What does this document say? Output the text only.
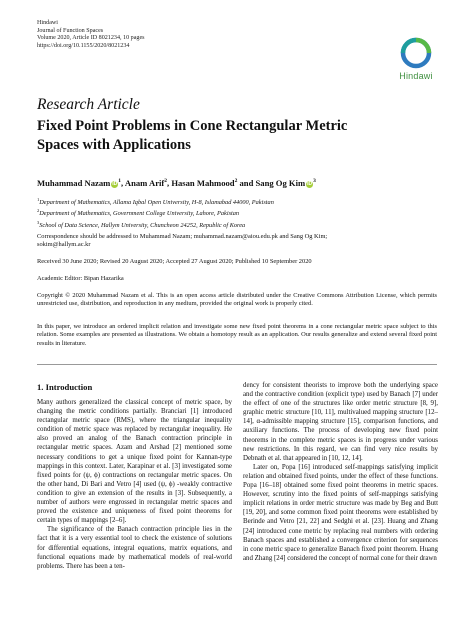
Hindawi
Journal of Function Spaces
Volume 2020, Article ID 8021234, 10 pages
https://doi.org/10.1155/2020/8021234
Hindawi
Research Article
Fixed Point Problems in Cone Rectangular Metric Spaces with Applications
Muhammad Nazam $iD^1$, Anam Arif$^2$, Hasan Mahmood$^2$ and Sang Og Kim $iD^3$
$^1$Department of Mathematics, Allama Iqbal Open University, H-8, Islamabad 44000, Pakistan
$^2$Department of Mathematics, Government College University, Lahore, Pakistan
$^3$School of Data Science, Hallym University, Chuncheon 24252, Republic of Korea
Correspondence should be addressed to Muhammad Nazam; muhammad.nazam@aiou.edu.pk and Sang Og Kim; sokim@hallym.ac.kr
Received 30 June 2020; Revised 20 August 2020; Accepted 27 August 2020; Published 10 September 2020
Academic Editor: Bipan Hazarika
Copyright © 2020 Muhammad Nazam et al. This is an open access article distributed under the Creative Commons Attribution License, which permits unrestricted use, distribution, and reproduction in any medium, provided the original work is properly cited.
In this paper, we introduce an ordered implicit relation and investigate some new fixed point theorems in a cone rectangular metric space subject to this relation. Some examples are presented as illustrations. We obtain a homotopy result as an application. Our results generalize and extend several fixed point results in literature.
1. Introduction

Many authors generalized the classical concept of metric space, by changing the metric conditions partially. Branciari [1] introduced rectangular metric space (RMS), where the triangular inequality condition of metric space was replaced by rectangular inequality. He also proved an analog of the Banach contraction principle in rectangular metric spaces. Azam and Arshad [2] mentioned some necessary conditions to get a unique fixed point for Kannan-type mappings in this context. Later, Karapinar et al. [3] investigated some fixed points for (ψ, ϕ) contractions on rectangular metric spaces. On the other hand, Di Bari and Vetro [4] used (ψ, ϕ) -weakly contractive condition to give an extension of the results in [3]. Subsequently, a number of authors were engrossed in rectangular metric spaces and proved the existence and uniqueness of fixed point theorems for certain types of mappings [2–6].

The significance of the Banach contraction principle lies in the fact that it is a very essential tool to check the existence of solutions for differential equations, integral equations, matrix equations, and functional equations made by mathematical models of real-world problems. There has been a ten-

dency for consistent theorists to improve both the underlying space and the contractive condition (explicit type) used by Banach [7] under the effect of one of the structures like order metric structure [8, 9], graphic metric structure [10, 11], multivalued mapping structure [12–14], α-admissible mapping structure [15], comparison functions, and auxiliary functions. The process of developing new fixed point theorems in the complete metric spaces is in progress under various new restrictions. In this regard, we can find very nice results by Debnath et al. that appeared in [10, 12, 14].

Later on, Popa [16] introduced self-mappings satisfying implicit relation and obtained fixed points, under the effect of these functions. Popa [16–18] obtained some fixed point theorems in metric spaces. However, scrutiny into the fixed points of self-mappings satisfying implicit relations in order metric structure was made by Beg and Butt [19, 20], and some common fixed point theorems were established by Berinde and Vetro [21, 22] and Sedghi et al. [23]. Huang and Zhang [24] introduced cone metric by replacing real numbers with ordering Banach spaces and established a convergence criterion for sequences in cone metric space to generalize Banach fixed point theorem. Huang and Zhang [24] considered the concept of normal cone for their drawn
